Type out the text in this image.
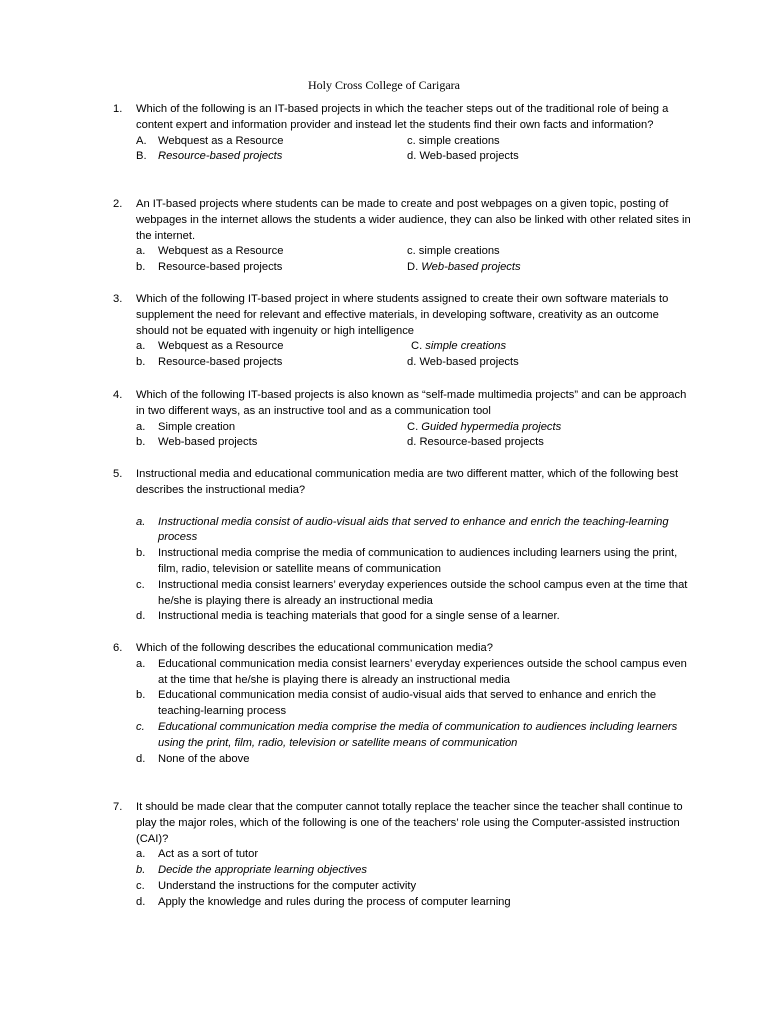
Holy Cross College of Carigara
1.	Which of the following is an IT-based projects in which the teacher steps out of the traditional role of being a content expert and information provider and instead let the students find their own facts and information?
A.	Webquest as a Resource	c. simple creations
B.	Resource-based projects	d. Web-based projects
2.	An IT-based projects where students can be made to create and post webpages on a given topic, posting of webpages in the internet allows the students a wider audience, they can also be linked with other related sites in the internet.
a.	Webquest as a Resource	c. simple creations
b.	Resource-based projects	D. Web-based projects
3.	Which of the following IT-based project in where students assigned to create their own software materials to supplement the need for relevant and effective materials, in developing software, creativity as an outcome should not be equated with ingenuity or high intelligence
a.	Webquest as a Resource	C. simple creations
b.	Resource-based projects	d. Web-based projects
4.	Which of the following IT-based projects is also known as “self-made multimedia projects” and can be approach in two different ways, as an instructive tool and as a communication tool
a.	Simple creation	C. Guided hypermedia projects
b.	Web-based projects	d. Resource-based projects
5.	Instructional media and educational communication media are two different matter, which of the following best describes the instructional media?
a.	Instructional media consist of audio-visual aids that served to enhance and enrich the teaching-learning process
b.	Instructional media comprise the media of communication to audiences including learners using the print, film, radio, television or satellite means of communication
c.	Instructional media consist learners’ everyday experiences outside the school campus even at the time that he/she is playing there is already an instructional media
d.	Instructional media is teaching materials that good for a single sense of a learner.
6.	Which of the following describes the educational communication media?
a.	Educational communication media consist learners’ everyday experiences outside the school campus even at the time that he/she is playing there is already an instructional media
b.	Educational communication media consist of audio-visual aids that served to enhance and enrich the teaching-learning process
c.	Educational communication media comprise the media of communication to audiences including learners using the print, film, radio, television or satellite means of communication
d.	None of the above
7.	It should be made clear that the computer cannot totally replace the teacher since the teacher shall continue to play the major roles, which of the following is one of the teachers’ role using the Computer-assisted instruction (CAI)?
a.	Act as a sort of tutor
b.	Decide the appropriate learning objectives
c.	Understand the instructions for the computer activity
d.	Apply the knowledge and rules during the process of computer learning
